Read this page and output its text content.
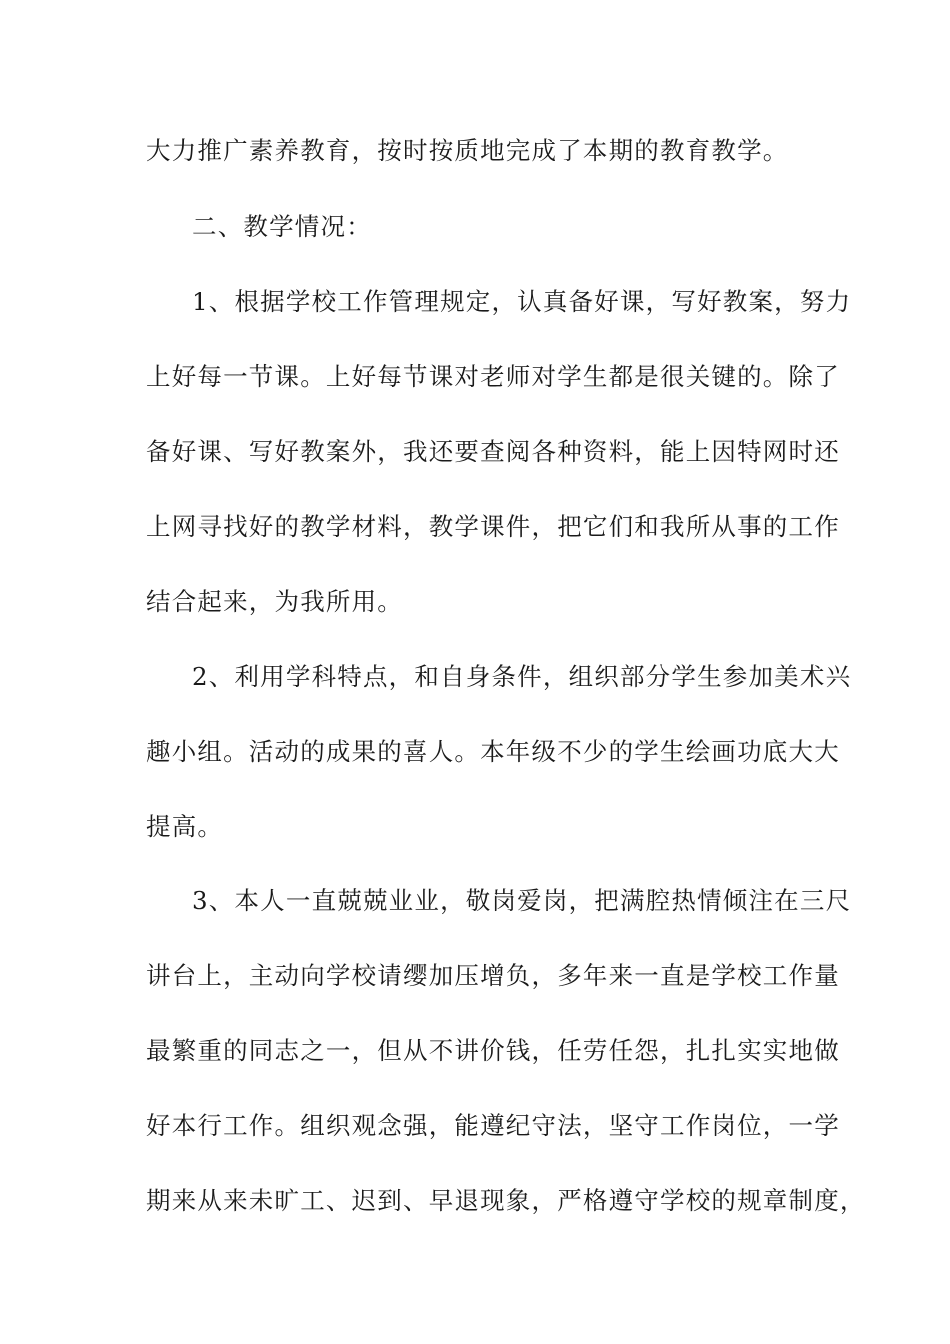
大力推广素养教育，按时按质地完成了本期的教育教学。
二、教学情况：
1、根据学校工作管理规定，认真备好课，写好教案，努力
上好每一节课。上好每节课对老师对学生都是很关键的。除了
备好课、写好教案外，我还要查阅各种资料，能上因特网时还
上网寻找好的教学材料，教学课件，把它们和我所从事的工作
结合起来，为我所用。
2、利用学科特点，和自身条件，组织部分学生参加美术兴
趣小组。活动的成果的喜人。本年级不少的学生绘画功底大大
提高。
3、本人一直兢兢业业，敬岗爱岗，把满腔热情倾注在三尺
讲台上，主动向学校请缨加压增负，多年来一直是学校工作量
最繁重的同志之一，但从不讲价钱，任劳任怨，扎扎实实地做
好本行工作。组织观念强，能遵纪守法，坚守工作岗位，一学
期来从来未旷工、迟到、早退现象，严格遵守学校的规章制度，
